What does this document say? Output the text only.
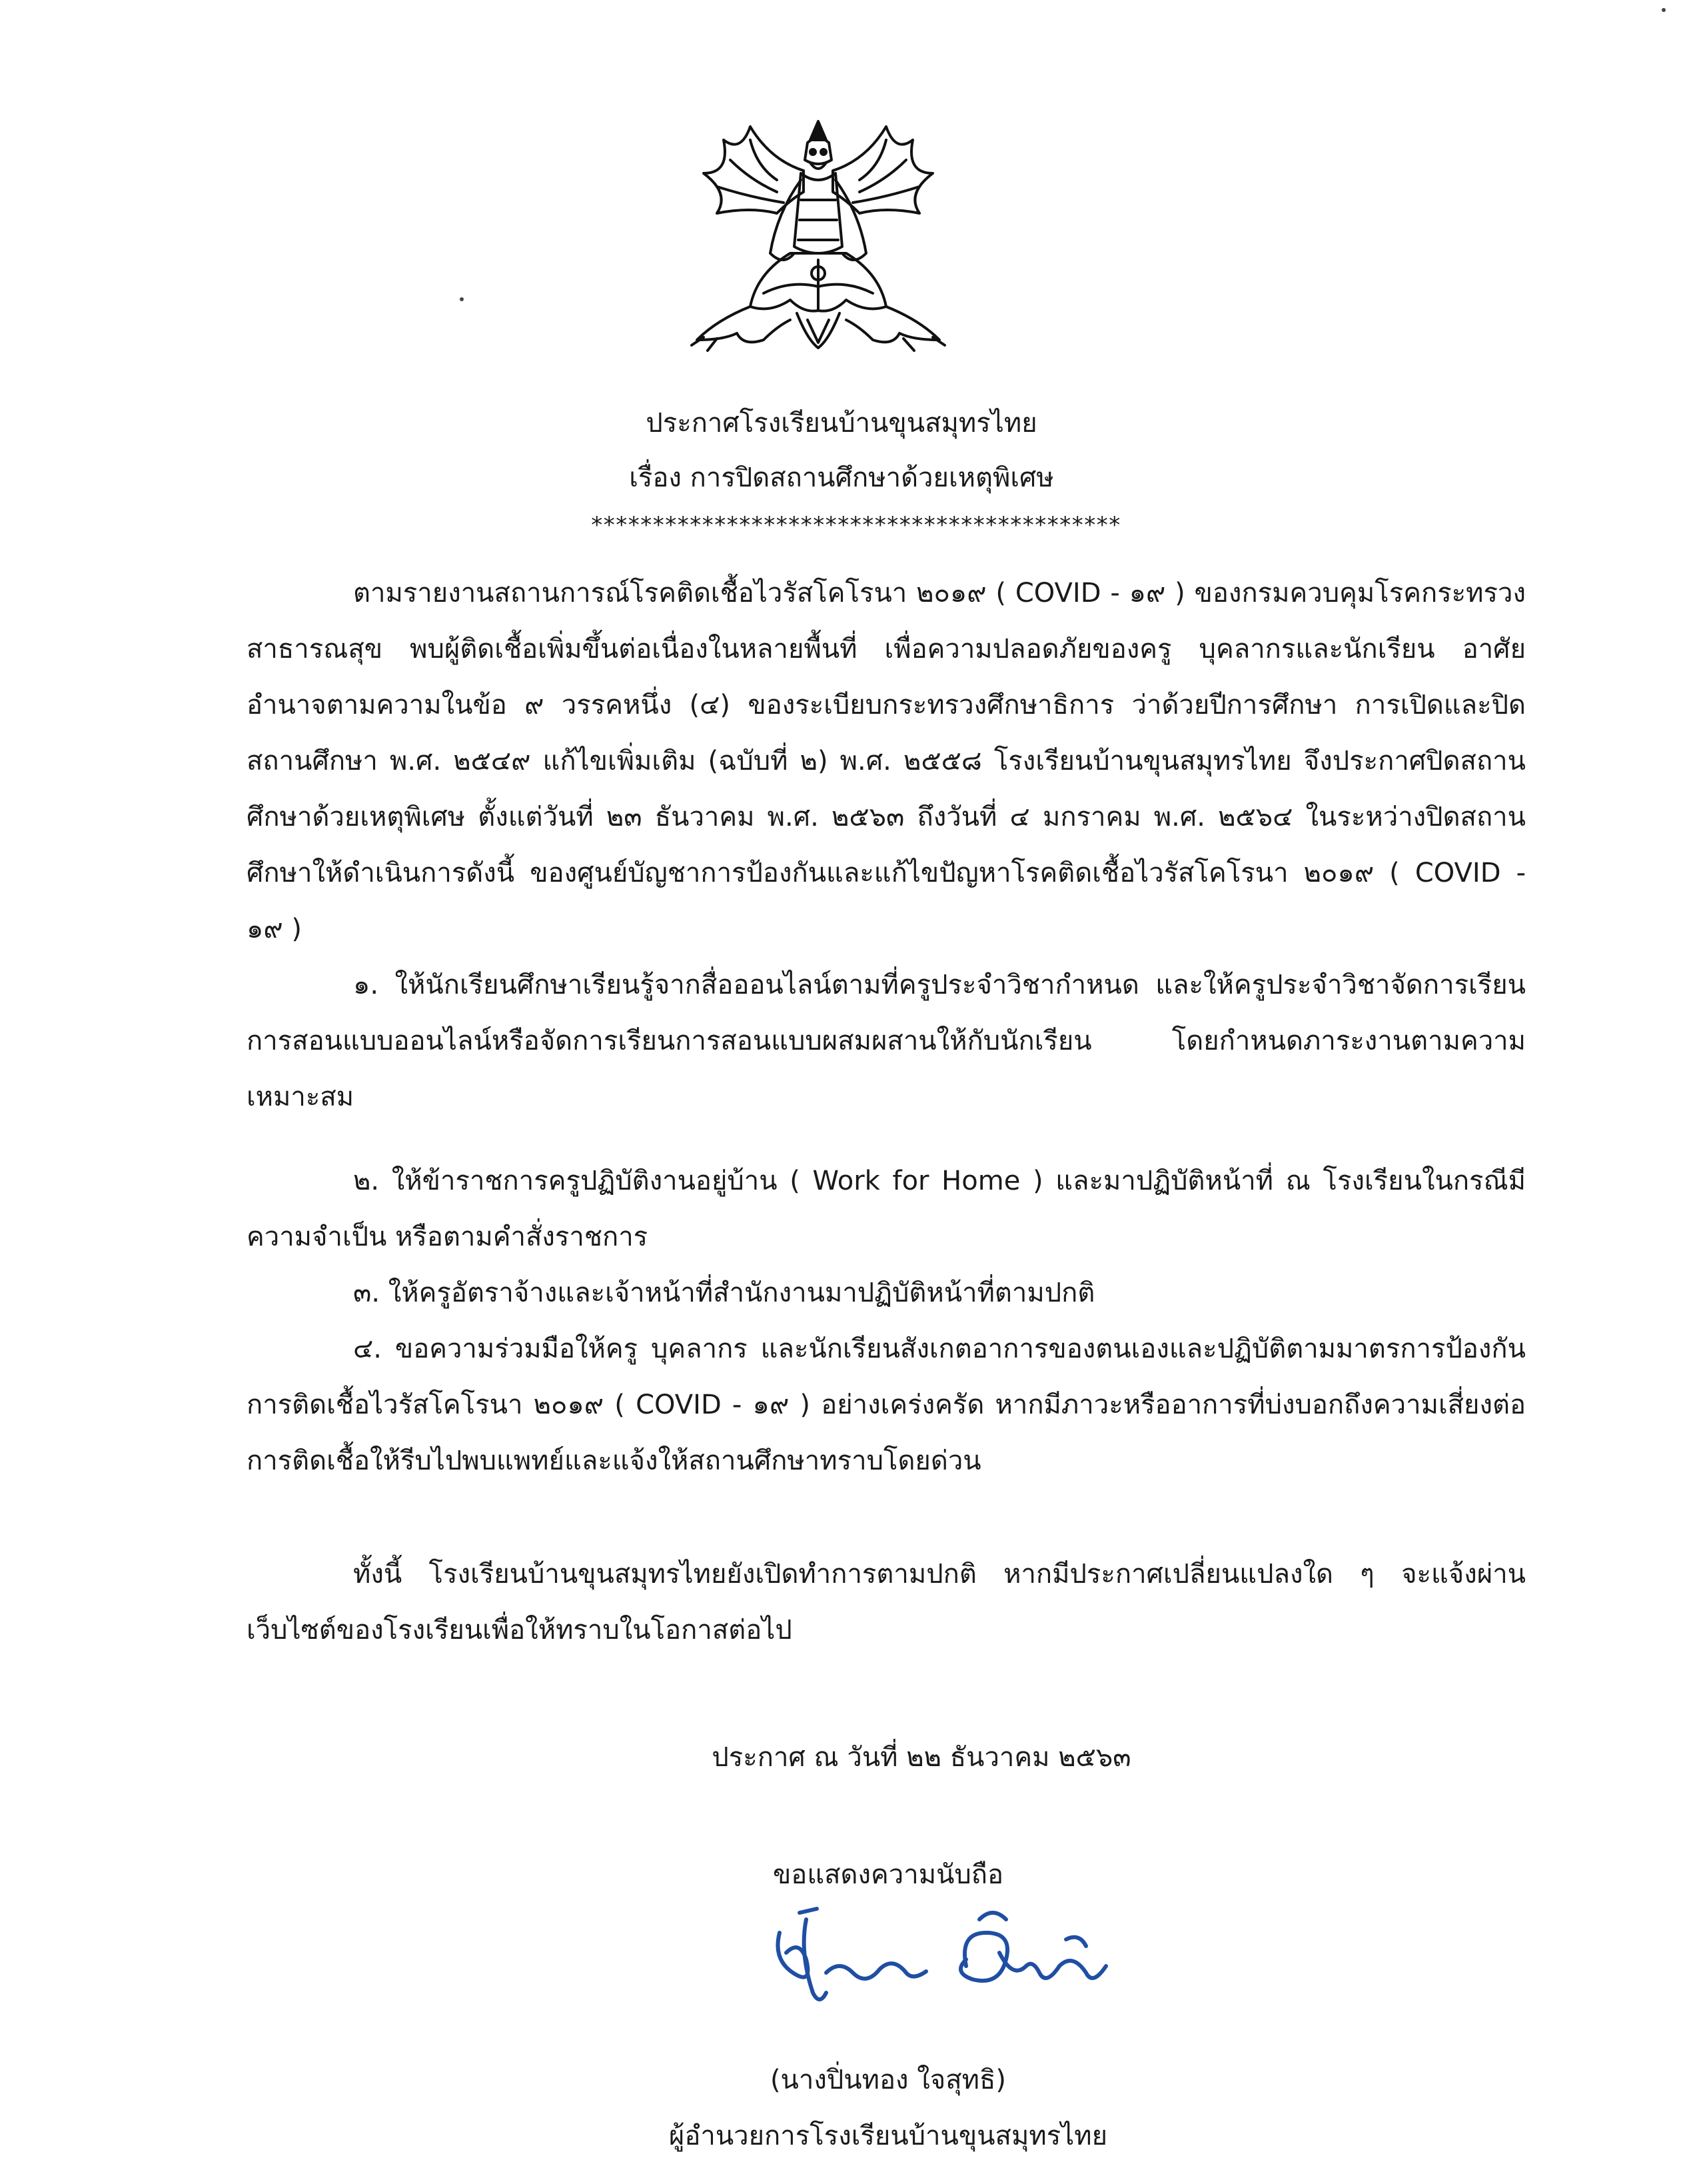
ประกาศโรงเรียนบ้านขุนสมุทรไทย
เรื่อง การปิดสถานศึกษาด้วยเหตุพิเศษ
*******************************************
ตามรายงานสถานการณ์โรคติดเชื้อไวรัสโคโรนา ๒๐๑๙ ( COVID - ๑๙ ) ของกรมควบคุมโรคกระทรวงสาธารณสุข พบผู้ติดเชื้อเพิ่มขึ้นต่อเนื่องในหลายพื้นที่ เพื่อความปลอดภัยของครู บุคลากรและนักเรียน อาศัยอำนาจตามความในข้อ ๙ วรรคหนึ่ง (๔) ของระเบียบกระทรวงศึกษาธิการ ว่าด้วยปีการศึกษา การเปิดและปิดสถานศึกษา พ.ศ. ๒๕๔๙ แก้ไขเพิ่มเติม (ฉบับที่ ๒) พ.ศ. ๒๕๕๘ โรงเรียนบ้านขุนสมุทรไทย จึงประกาศปิดสถานศึกษาด้วยเหตุพิเศษ ตั้งแต่วันที่ ๒๓ ธันวาคม พ.ศ. ๒๕๖๓ ถึงวันที่ ๔ มกราคม พ.ศ. ๒๕๖๔ ในระหว่างปิดสถานศึกษาให้ดำเนินการดังนี้ ของศูนย์บัญชาการป้องกันและแก้ไขปัญหาโรคติดเชื้อไวรัสโคโรนา ๒๐๑๙ ( COVID - ๑๙ )
๑. ให้นักเรียนศึกษาเรียนรู้จากสื่อออนไลน์ตามที่ครูประจำวิชากำหนด และให้ครูประจำวิชาจัดการเรียนการสอนแบบออนไลน์หรือจัดการเรียนการสอนแบบผสมผสานให้กับนักเรียน โดยกำหนดภาระงานตามความเหมาะสม
๒. ให้ข้าราชการครูปฏิบัติงานอยู่บ้าน ( Work for Home ) และมาปฏิบัติหน้าที่ ณ โรงเรียนในกรณีมีความจำเป็น หรือตามคำสั่งราชการ
๓. ให้ครูอัตราจ้างและเจ้าหน้าที่สำนักงานมาปฏิบัติหน้าที่ตามปกติ
๔. ขอความร่วมมือให้ครู บุคลากร และนักเรียนสังเกตอาการของตนเองและปฏิบัติตามมาตรการป้องกันการติดเชื้อไวรัสโคโรนา ๒๐๑๙ ( COVID - ๑๙ ) อย่างเคร่งครัด หากมีภาวะหรืออาการที่บ่งบอกถึงความเสี่ยงต่อการติดเชื้อให้รีบไปพบแพทย์และแจ้งให้สถานศึกษาทราบโดยด่วน
ทั้งนี้ โรงเรียนบ้านขุนสมุทรไทยยังเปิดทำการตามปกติ หากมีประกาศเปลี่ยนแปลงใด ๆ จะแจ้งผ่านเว็บไซต์ของโรงเรียนเพื่อให้ทราบในโอกาสต่อไป
ประกาศ ณ วันที่ ๒๒ ธันวาคม ๒๕๖๓
ขอแสดงความนับถือ
(นางปิ่นทอง ใจสุทธิ)
ผู้อำนวยการโรงเรียนบ้านขุนสมุทรไทย
